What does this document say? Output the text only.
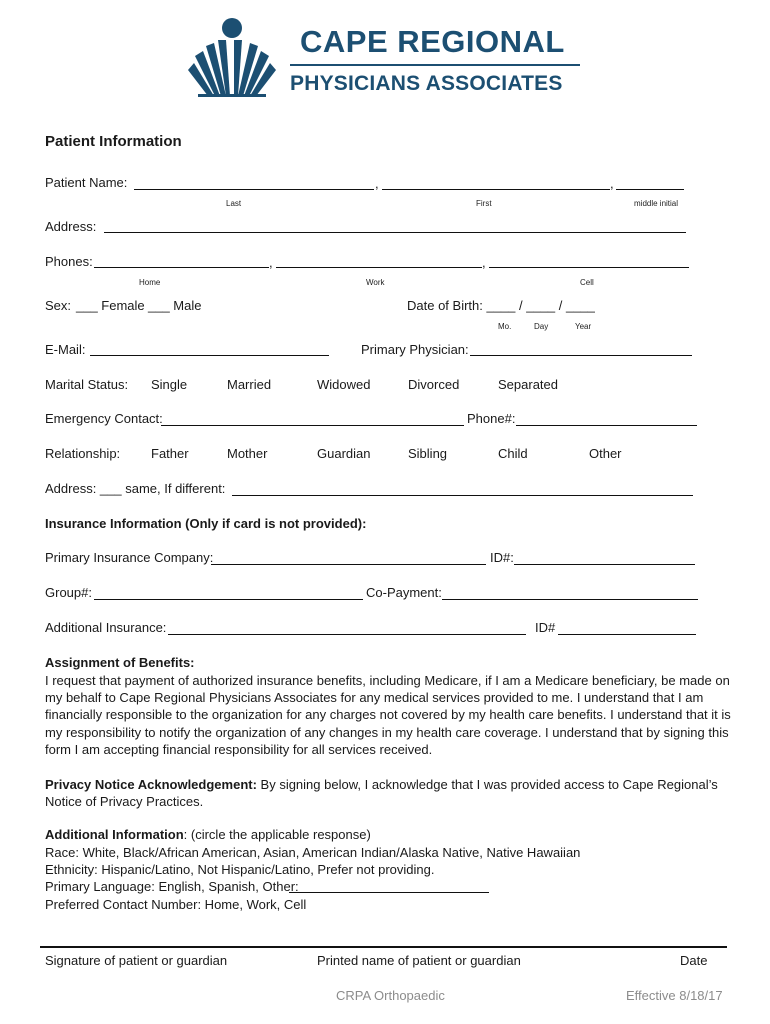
CAPE REGIONAL
PHYSICIANS ASSOCIATES
Patient Information
Patient Name:	,	,
Last	First	middle initial
Address:
Phones:	,	,
Home	Work	Cell
Sex: ___ Female ___ Male	Date of Birth: ____ / ____ / ____
Mo.	Day	Year
E-Mail:	Primary Physician:
Marital Status: Single	Married	Widowed	Divorced	Separated
Emergency Contact:	Phone#:
Relationship: Father	Mother	Guardian	Sibling	Child	Other
Address: ___ same, If different:
Insurance Information (Only if card is not provided):
Primary Insurance Company:	ID#:
Group#:	Co-Payment:
Additional Insurance:	ID#
Assignment of Benefits:
I request that payment of authorized insurance benefits, including Medicare, if I am a Medicare beneficiary, be made on my behalf to Cape Regional Physicians Associates for any medical services provided to me. I understand that I am financially responsible to the organization for any charges not covered by my health care benefits. I understand that it is my responsibility to notify the organization of any changes in my health care coverage. I understand that by signing this form I am accepting financial responsibility for all services received.
Privacy Notice Acknowledgement: By signing below, I acknowledge that I was provided access to Cape Regional’s Notice of Privacy Practices.
Additional Information: (circle the applicable response)
Race: White, Black/African American, Asian, American Indian/Alaska Native, Native Hawaiian
Ethnicity: Hispanic/Latino, Not Hispanic/Latino, Prefer not providing.
Primary Language: English, Spanish, Other:
Preferred Contact Number: Home, Work, Cell
Signature of patient or guardian	Printed name of patient or guardian	Date
CRPA Orthopaedic	Effective 8/18/17
